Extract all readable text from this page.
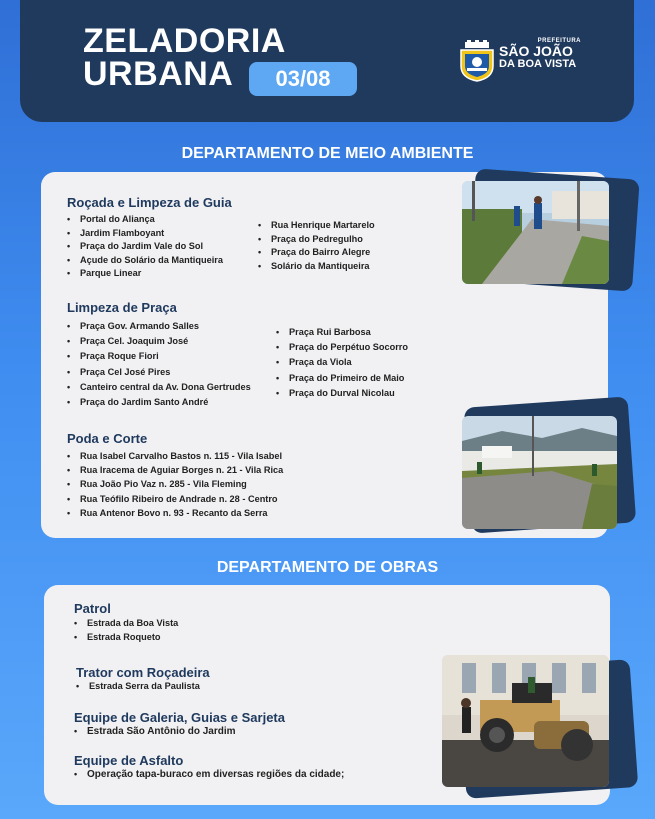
ZELADORIA
URBANA	03/08
PREFEITURA
SÃO JOÃO
DA BOA VISTA
DEPARTAMENTO DE MEIO AMBIENTE
Roçada e Limpeza de Guia
• Portal do Aliança
• Jardim Flamboyant
• Praça do Jardim Vale do Sol
• Açude do Solário da Mantiqueira
• Parque Linear
• Rua Henrique Martarelo
• Praça do Pedregulho
• Praça do Bairro Alegre
• Solário da Mantiqueira
Limpeza de Praça
• Praça Gov. Armando Salles
• Praça Cel. Joaquim José
• Praça Roque Fiori
• Praça Cel José Pires
• Canteiro central da Av. Dona Gertrudes
• Praça do Jardim Santo André
• Praça Rui Barbosa
• Praça do Perpétuo Socorro
• Praça da Viola
• Praça do Primeiro de Maio
• Praça do Durval Nicolau
Poda e Corte
• Rua Isabel Carvalho Bastos n. 115 - Vila Isabel
• Rua Iracema de Aguiar Borges n. 21 - Vila Rica
• Rua João Pio Vaz n. 285 - Vila Fleming
• Rua Teófilo Ribeiro de Andrade n. 28 - Centro
• Rua Antenor Bovo n. 93 - Recanto da Serra
DEPARTAMENTO DE OBRAS
Patrol
• Estrada da Boa Vista
• Estrada Roqueto
Trator com Roçadeira
• Estrada Serra da Paulista
Equipe de Galeria, Guias e Sarjeta
• Estrada São Antônio do Jardim
Equipe de Asfalto
• Operação tapa-buraco em diversas regiões da cidade;
